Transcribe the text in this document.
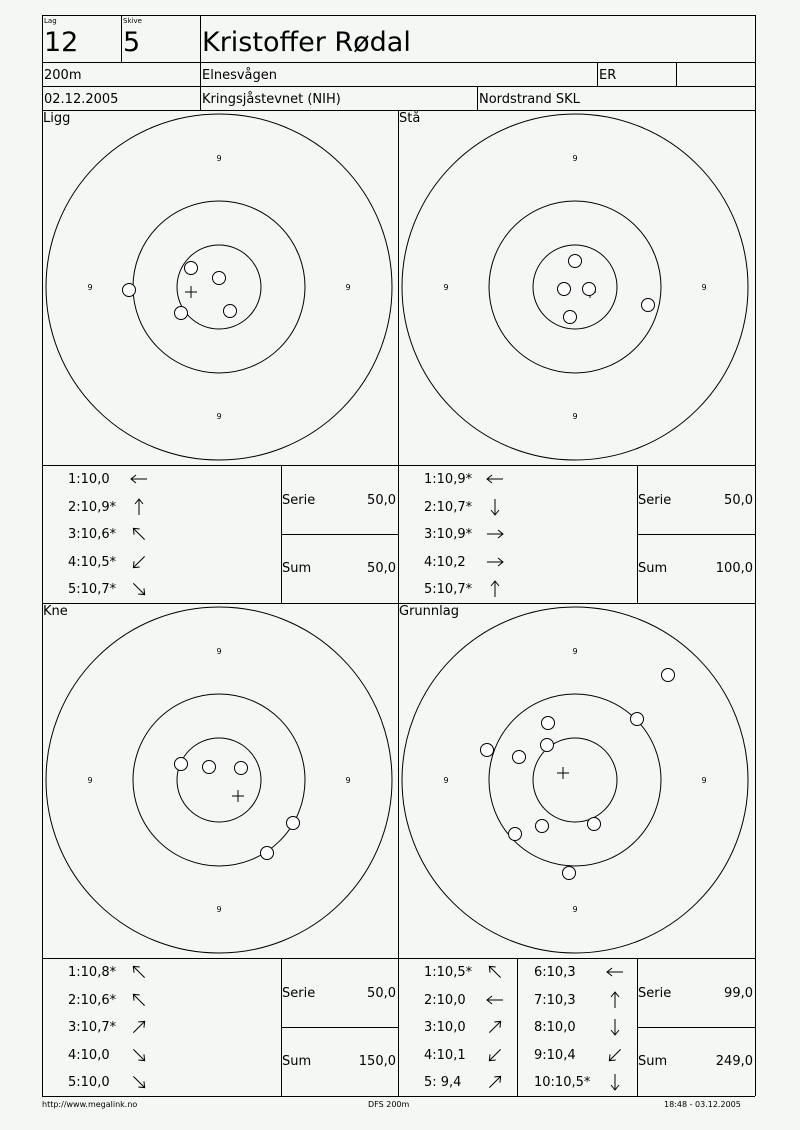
Lag
12
Skive
5 Kristoffer Rødal
200m	Elnesvågen	ER
02.12.2005	Kringsjåstevnet (NIH)	Nordstrand SKL
Ligg	Stå
Kne	Grunnlag
9
9
9	9
9
9
9	9
9
9
9	9
9
9
9	9
1:10,0
2:10,9*
3:10,6*
4:10,5*
5:10,7*
1:10,9*
2:10,7*
3:10,9*
4:10,2
5:10,7*
1:10,8*
2:10,6*
3:10,7*
4:10,0
5:10,0
1:10,5*
2:10,0
3:10,0
4:10,1
5: 9,4
6:10,3
7:10,3
8:10,0
9:10,4
10:10,5*
Serie	50,0
Sum	50,0
Serie	50,0
Sum	100,0
Serie	50,0
Sum	150,0
Serie	99,0
Sum	249,0
http://www.megalink.no	DFS 200m	18:48 - 03.12.2005
